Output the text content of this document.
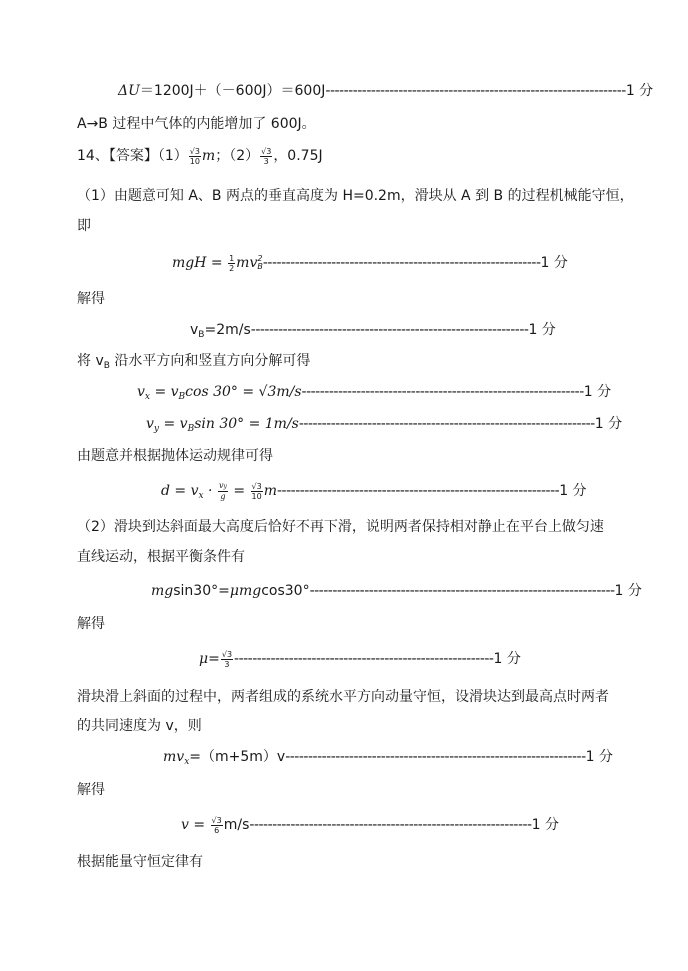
ΔU＝1200J＋（－600J）＝600J------------------------------------------------------------------1 分
A→B 过程中气体的内能增加了 600J。
14、【答案】$(1) \frac{√3}{10}$ m；$(2) \frac{√3}{3}$ ，0.75J
（1）由题意可知 A、B 两点的垂直高度为 H=0.2m，滑块从 A 到 B 的过程机械能守恒，
即
mgH = $\frac{1}{2}$ mv 2
B -------------------------------------------------------------1 分
解得
$v_B=2m/s-------------------------------------------------------------1$ 分
将 $v_B$ 沿水平方向和竖直方向分解可得
$v_x = v_B\cos$ 30° = √3m/s--------------------------------------------------------------1 分
$v_y = v_B\sin$ 30° = 1m/s-----------------------------------------------------------------1 分
由题意并根据抛体运动规律可得
$d = v_x \cdot \frac{vy}{g} = \frac{√3}{10} m--------------------------------------------------------------1$ 分
（2）滑块到达斜面最大高度后恰好不再下滑，说明两者保持相对静止在平台上做匀速
直线运动，根据平衡条件有
mgsin30°=μmgcos30°-------------------------------------------------------------------1 分
解得
$\mu= \frac{√3}{3} ---------------------------------------------------------1$ 分
滑块滑上斜面的过程中，两者组成的系统水平方向动量守恒，设滑块达到最高点时两者
的共同速度为 v，则
$mv_x=(m+5m)v------------------------------------------------------------------1$ 分
解得
$v = \frac{√3}{6} m/s--------------------------------------------------------------1$ 分
根据能量守恒定律有
